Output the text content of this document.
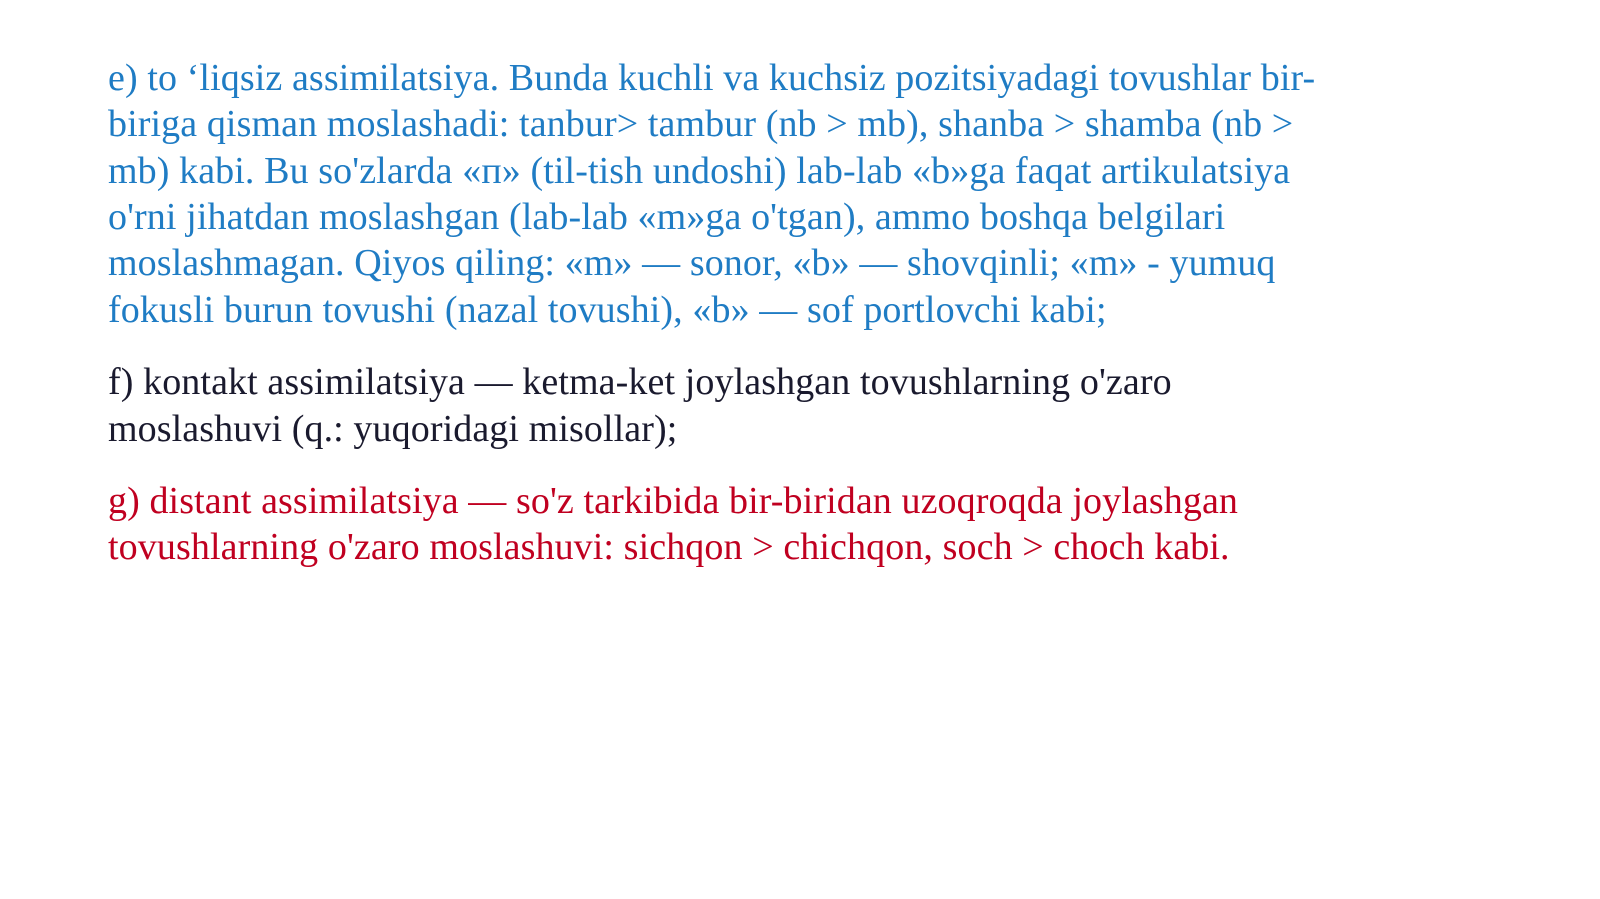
e) to ‘liqsiz assimilatsiya. Bunda kuchli va kuchsiz pozitsiyadagi tovushlar bir-biriga qisman moslashadi: tanbur> tambur (nb > mb), shanba > shamba (nb > mb) kabi. Bu so'zlarda «п» (til-tish undoshi) lab-lab «b»ga faqat artikulatsiya o'rni jihatdan moslashgan (lab-lab «m»ga o'tgan), ammo boshqa belgilari moslashmagan. Qiyos qiling: «m» — sonor, «b» — shovqinli; «m» - yumuq fokusli burun tovushi (nazal tovushi), «b» — sof portlovchi kabi;

f) kontakt assimilatsiya — ketma-ket joylashgan tovushlarning o'zaro moslashuvi (q.: yuqoridagi misollar);

g) distant assimilatsiya — so'z tarkibida bir-biridan uzoqroqda joylashgan tovushlarning o'zaro moslashuvi: sichqon > chichqon, soch > choch kabi.
